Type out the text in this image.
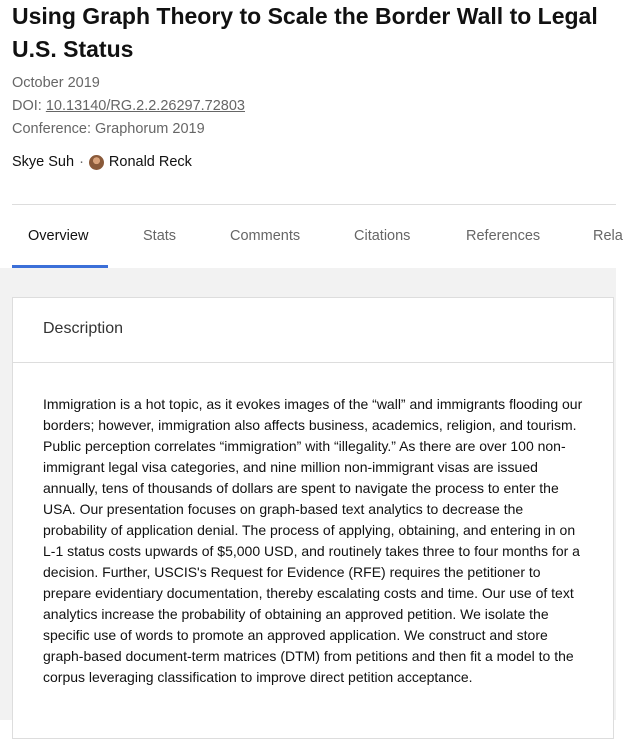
Using Graph Theory to Scale the Border Wall to Legal U.S. Status
October 2019
DOI: 10.13140/RG.2.2.26297.72803
Conference: Graphorum 2019
Skye Suh · Ronald Reck
Overview	Stats	Comments	Citations	References	Rela
Description

Immigration is a hot topic, as it evokes images of the “wall” and immigrants flooding our borders; however, immigration also affects business, academics, religion, and tourism. Public perception correlates “immigration” with “illegality.” As there are over 100 non-immigrant legal visa categories, and nine million non-immigrant visas are issued annually, tens of thousands of dollars are spent to navigate the process to enter the USA. Our presentation focuses on graph-based text analytics to decrease the probability of application denial. The process of applying, obtaining, and entering in on L-1 status costs upwards of $5,000 USD, and routinely takes three to four months for a decision. Further, USCIS's Request for Evidence (RFE) requires the petitioner to prepare evidentiary documentation, thereby escalating costs and time. Our use of text analytics increase the probability of obtaining an approved petition. We isolate the specific use of words to promote an approved application. We construct and store graph-based document-term matrices (DTM) from petitions and then fit a model to the corpus leveraging classification to improve direct petition acceptance.
